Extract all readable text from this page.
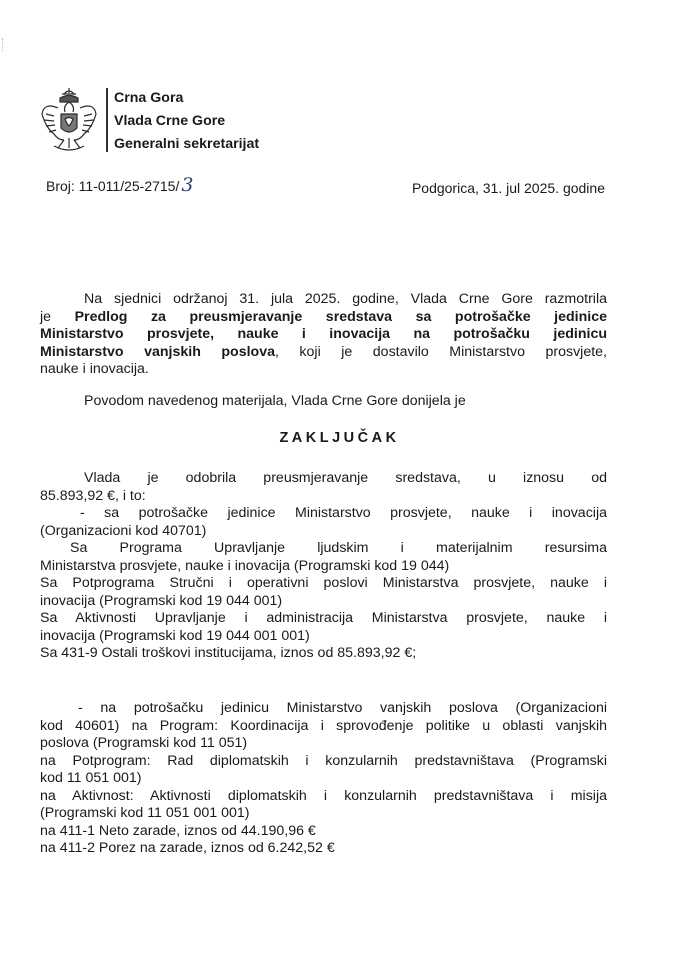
Crna Gora
Vlada Crne Gore
Generalni sekretarijat
Broj: 11-011/25-2715/ 3	Podgorica, 31. jul 2025. godine
Na sjednici održanoj 31. jula 2025. godine, Vlada Crne Gore razmotrila
je Predlog za preusmjeravanje sredstava sa potrošačke jedinice
Ministarstvo prosvjete, nauke i inovacija na potrošačku jedinicu
Ministarstvo vanjskih poslova, koji je dostavilo Ministarstvo prosvjete,
nauke i inovacija.
Povodom navedenog materijala, Vlada Crne Gore donijela je
ZAKLJUČAK
Vlada je odobrila preusmjeravanje sredstava, u iznosu od
85.893,92 €, i to:
- sa potrošačke jedinice Ministarstvo prosvjete, nauke i inovacija
(Organizacioni kod 40701)
Sa Programa Upravljanje ljudskim i materijalnim resursima
Ministarstva prosvjete, nauke i inovacija (Programski kod 19 044)
Sa Potprograma Stručni i operativni poslovi Ministarstva prosvjete, nauke i
inovacija (Programski kod 19 044 001)
Sa Aktivnosti Upravljanje i administracija Ministarstva prosvjete, nauke i
inovacija (Programski kod 19 044 001 001)
Sa 431-9 Ostali troškovi institucijama, iznos od 85.893,92 €;
- na potrošačku jedinicu Ministarstvo vanjskih poslova (Organizacioni
kod 40601) na Program: Koordinacija i sprovođenje politike u oblasti vanjskih
poslova (Programski kod 11 051)
na Potprogram: Rad diplomatskih i konzularnih predstavništava (Programski
kod 11 051 001)
na Aktivnost: Aktivnosti diplomatskih i konzularnih predstavništava i misija
(Programski kod 11 051 001 001)
na 411-1 Neto zarade, iznos od 44.190,96 €
na 411-2 Porez na zarade, iznos od 6.242,52 €
